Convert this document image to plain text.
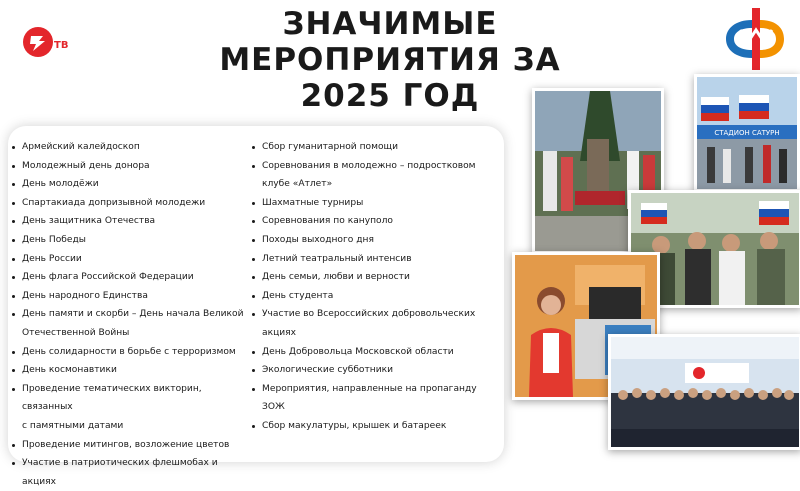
ТВ
ЗНАЧИМЫЕ
МЕРОПРИЯТИЯ ЗА
2025 ГОД
Армейский калейдоскоп
Молодежный день донора
День молодёжи
Спартакиада допризывной молодежи
День защитника Отечества
День Победы
День России
День флага Российской Федерации
День народного Единства
День памяти и скорби – День начала Великой
Отечественной Войны
День солидарности в борьбе с терроризмом
День космонавтики
Проведение тематических викторин, связанных
с памятными датами
Проведение митингов, возложение цветов
Участие в патриотических флешмобах и акциях
Сбор гуманитарной помощи
Соревнования в молодежно – подростковом
клубе «Атлет»
Шахматные турниры
Соревнования по кануполо
Походы выходного дня
Летний театральный интенсив
День семьи, любви и верности
День студента
Участие во Всероссийских добровольческих
акциях
День Добровольца Московской области
Экологические субботники
Мероприятия, направленные на пропаганду
ЗОЖ
Сбор макулатуры, крышек и батареек
СТАДИОН САТУРН
